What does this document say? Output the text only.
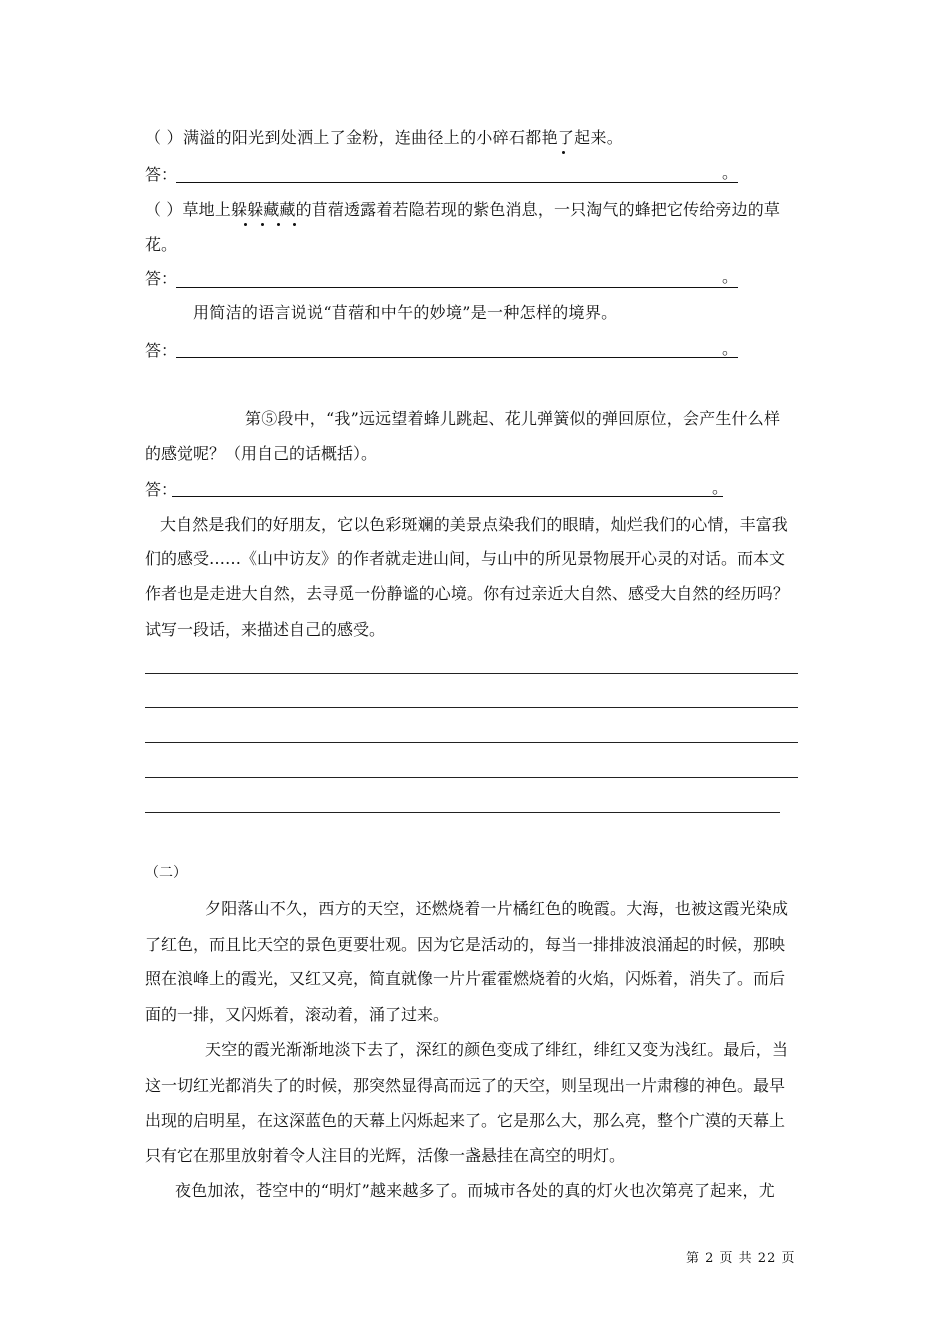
（ ）满溢的阳光到处洒上了金粉，连曲径上的小碎石都艳了起来。
答：	。
（ ）草地上躲躲藏藏的苜蓿透露着若隐若现的紫色消息，一只淘气的蜂把它传给旁边的草
花。
答：	。
用简洁的语言说说“苜蓿和中午的妙境”是一种怎样的境界。
答：	。
第⑤段中，“我”远远望着蜂儿跳起、花儿弹簧似的弹回原位，会产生什么样
的感觉呢？（用自己的话概括）。
答：	。
大自然是我们的好朋友，它以色彩斑斓的美景点染我们的眼睛，灿烂我们的心情，丰富我
们的感受……《山中访友》的作者就走进山间，与山中的所见景物展开心灵的对话。而本文
作者也是走进大自然，去寻觅一份静谧的心境。你有过亲近大自然、感受大自然的经历吗？
试写一段话，来描述自己的感受。
（二）
夕阳落山不久，西方的天空，还燃烧着一片橘红色的晚霞。大海，也被这霞光染成
了红色，而且比天空的景色更要壮观。因为它是活动的，每当一排排波浪涌起的时候，那映
照在浪峰上的霞光，又红又亮，简直就像一片片霍霍燃烧着的火焰，闪烁着，消失了。而后
面的一排，又闪烁着，滚动着，涌了过来。
天空的霞光渐渐地淡下去了，深红的颜色变成了绯红，绯红又变为浅红。最后，当
这一切红光都消失了的时候，那突然显得高而远了的天空，则呈现出一片肃穆的神色。最早
出现的启明星，在这深蓝色的天幕上闪烁起来了。它是那么大，那么亮，整个广漠的天幕上
只有它在那里放射着令人注目的光辉，活像一盏悬挂在高空的明灯。
夜色加浓，苍空中的“明灯”越来越多了。而城市各处的真的灯火也次第亮了起来，尤
第 2 页 共 22 页
